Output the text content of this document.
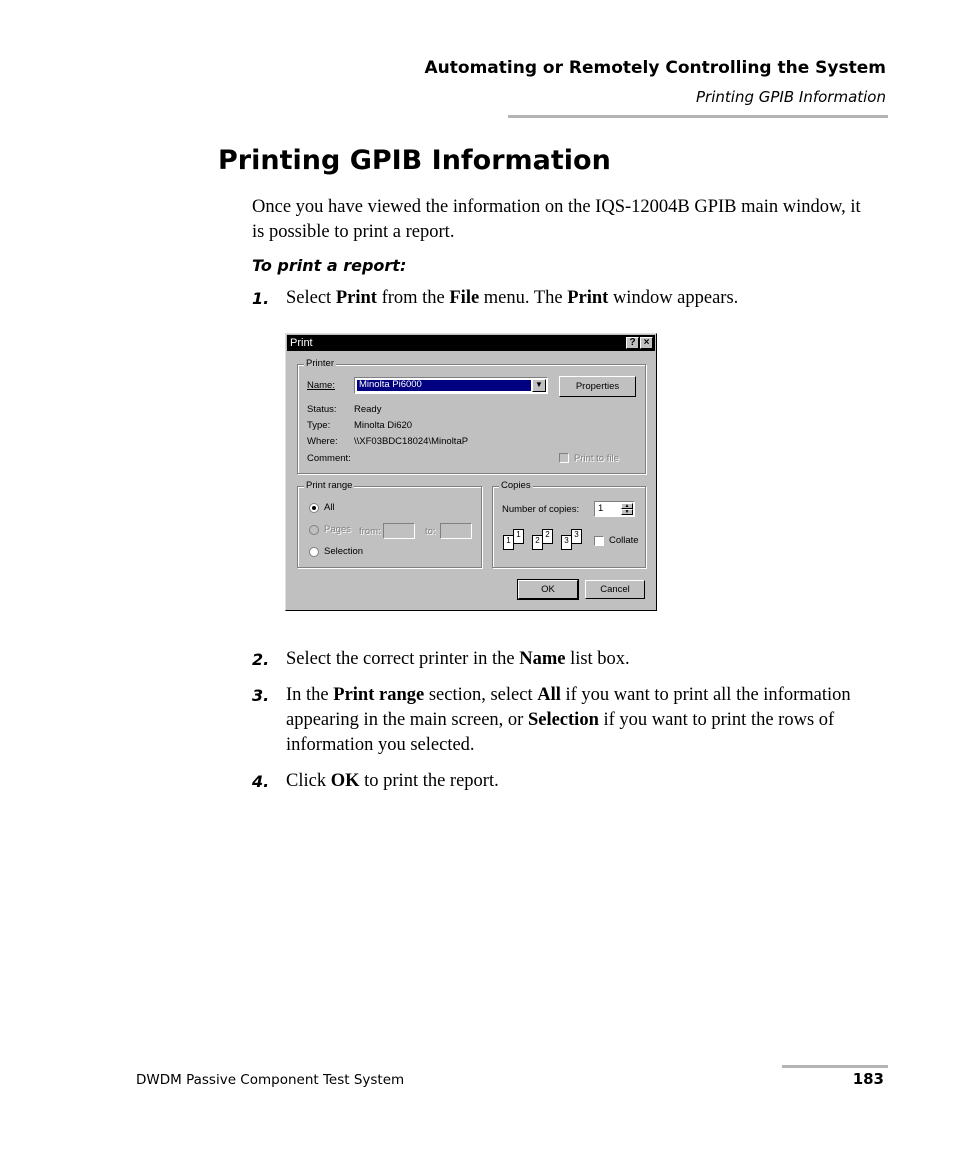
Automating or Remotely Controlling the System
Printing GPIB Information
Printing GPIB Information
Once you have viewed the information on the IQS-12004B GPIB main window, it is possible to print a report.
To print a report:
1. Select Print from the File menu. The Print window appears.
Print	? ×
Printer
Name:	Minolta Pi6000	▼	Properties
Status: Ready
Type:	Minolta Di620
Where: \\XF03BDC18024\MinoltaP
Comment:	Print to file
Print range
All
Pages from:	to:
Selection
Copies
Number of copies: 1	▲
▼
1
1
2
2
3
3
Collate
OK	Cancel
2. Select the correct printer in the Name list box.
3. In the Print range section, select All if you want to print all the information appearing in the main screen, or Selection if you want to print the rows of information you selected.
4. Click OK to print the report.
DWDM Passive Component Test System	183
